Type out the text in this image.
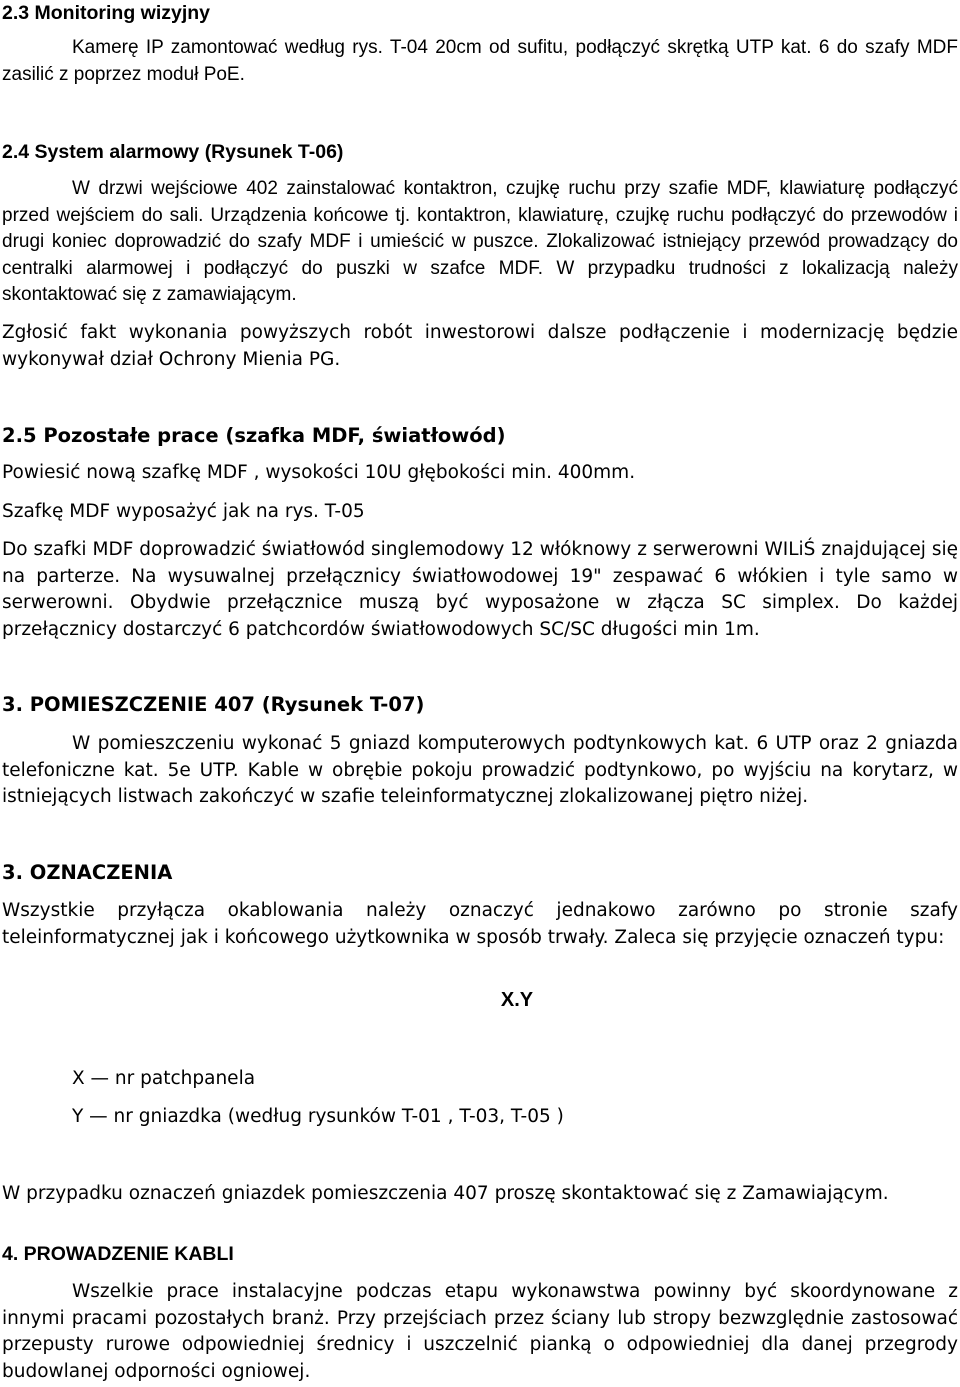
2.3 Monitoring wizyjny

Kamerę IP zamontować według rys. T-04 20cm od sufitu, podłączyć skrętką UTP kat. 6 do szafy MDF zasilić z poprzez moduł PoE.

2.4 System alarmowy (Rysunek T-06)

W drzwi wejściowe 402 zainstalować kontaktron, czujkę ruchu przy szafie MDF, klawiaturę podłączyć przed wejściem do sali. Urządzenia końcowe tj. kontaktron, klawiaturę, czujkę ruchu podłączyć do przewodów i drugi koniec doprowadzić do szafy MDF i umieścić w puszce. Zlokalizować istniejący przewód prowadzący do centralki alarmowej i podłączyć do puszki w szafce MDF. W przypadku trudności z lokalizacją należy skontaktować się z zamawiającym.

Zgłosić fakt wykonania powyższych robót inwestorowi dalsze podłączenie i modernizację będzie wykonywał dział Ochrony Mienia PG.

2.5 Pozostałe prace (szafka MDF, światłowód)

Powiesić nową szafkę MDF , wysokości 10U głębokości min. 400mm.

Szafkę MDF wyposażyć jak na rys. T-05

Do szafki MDF doprowadzić światłowód singlemodowy 12 włóknowy z serwerowni WILiŚ znajdującej się na parterze. Na wysuwalnej przełącznicy światłowodowej 19" zespawać 6 włókien i tyle samo w serwerowni. Obydwie przełącznice muszą być wyposażone w złącza SC simplex. Do każdej przełącznicy dostarczyć 6 patchcordów światłowodowych SC/SC długości min 1m.

3. POMIESZCZENIE 407 (Rysunek T-07)

W pomieszczeniu wykonać 5 gniazd komputerowych podtynkowych kat. 6 UTP oraz 2 gniazda telefoniczne kat. 5e UTP. Kable w obrębie pokoju prowadzić podtynkowo, po wyjściu na korytarz, w istniejących listwach zakończyć w szafie teleinformatycznej zlokalizowanej piętro niżej.

3. OZNACZENIA

Wszystkie przyłącza okablowania należy oznaczyć jednakowo zarówno po stronie szafy teleinformatycznej jak i końcowego użytkownika w sposób trwały. Zaleca się przyjęcie oznaczeń typu:

X.Y
X — nr patchpanela
Y — nr gniazdka (według rysunków T-01 , T-03, T-05 )
W przypadku oznaczeń gniazdek pomieszczenia 407 proszę skontaktować się z Zamawiającym.
4. PROWADZENIE KABLI

Wszelkie prace instalacyjne podczas etapu wykonawstwa powinny być skoordynowane z innymi pracami pozostałych branż. Przy przejściach przez ściany lub stropy bezwzględnie zastosować przepusty rurowe odpowiedniej średnicy i uszczelnić pianką o odpowiedniej dla danej przegrody budowlanej odporności ogniowej.
